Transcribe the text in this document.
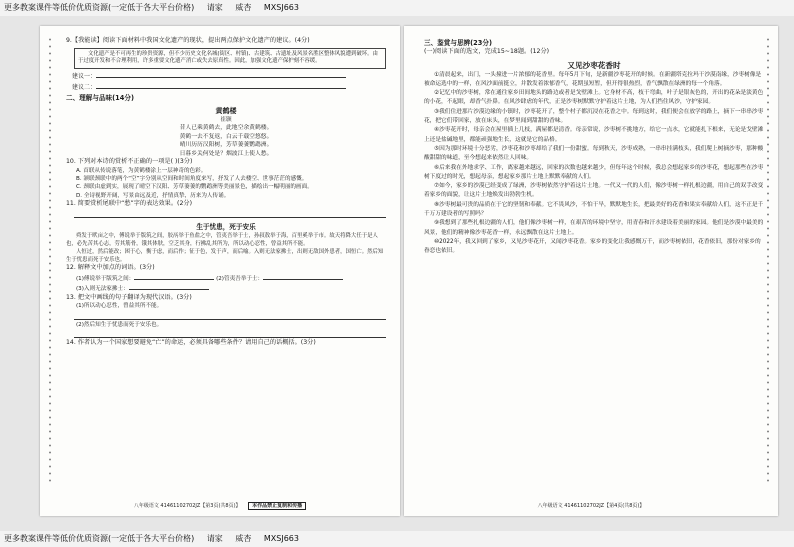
更多教案课件等低价优质资源(一定低于各大平台价格) 请家 威杏 MXSJ663

9.【我能读】阅读下面材料中我国文化遗产的现状，提出两点保护文化遗产的建议。(4分)

文化遗产是不可再生的珍贵资源，但不少历史文化名城(街区、村镇)、古建筑、古遗址及风景名胜区整体风貌遭到破坏。由于过度开发和不合理利用，许多重要文化遗产消亡或失去原真性。因此，加强文化遗产保护刻不容缓。

建议一：
建议二：

二、理解与品味(14分)

黄鹤楼

崔颢

昔人已乘黄鹤去，此地空余黄鹤楼。

黄鹤一去不复返，白云千载空悠悠。

晴川历历汉阳树，芳草萋萋鹦鹉洲。

日暮乡关何处是？烟波江上使人愁。

10. 下列对本诗的赏析不正确的一项是( )(3分)

A. 首联从传说落笔，为黄鹤楼涂上一层神奇的色彩。

B. 颔联颈联中的两个“空”字分别从空间和时间角度来写，抒发了人去楼空、世事茫茫的感慨。

C. 颈联由虚到实，展现了晴空下汉阳、芳草萋萋的鹦鹉洲等美丽景色，描绘出一幅明丽的画面。

D. 全诗视野开阔，写景由远及近，抒情真挚，历来为人传诵。

11. 简要赏析尾联中“愁”字的表达效果。(2分)

生于忧患，死于安乐

舜发于畎亩之中，傅说举于版筑之间，胶鬲举于鱼盐之中，管夷吾举于士，孙叔敖举于海，百里奚举于市。故天将降大任于是人也，必先苦其心志，劳其筋骨，饿其体肤，空乏其身，行拂乱其所为，所以动心忍性，曾益其所不能。

人恒过，然后能改；困于心，衡于虑，而后作；征于色，发于声，而后喻。入则无法家拂士，出则无敌国外患者，国恒亡。然后知生于忧患而死于安乐也。

12. 解释文中加点的词语。(3分)

(1)傅说举于版筑之间：	(2)管夷吾举于士：

(3)入则无法家拂士：

13. 把文中画线的句子翻译为现代汉语。(3分)

(1)所以动心忍性，曾益其所不能。

(2)然后知生于忧患而死于安乐也。

14. 作者认为一个国家想要避免“亡”的命运，必须具备哪些条件？请用自己的话概括。(3分)

八年级语文 41461102702JZ【第3页(共8页)】 本作品禁止复制和传播

三、鉴赏与思辨(23分)

(一)阅读下面的选文，完成15~18题。(12分)

又见沙枣花香时

①清晨起来，出门，一头撞进一片浓郁的花香里。每年5月下旬，是新疆沙枣花开的时候。在新疆塔克拉玛干沙漠南缘，沙枣树像是被命运选中的一样，在风沙面前挺立，并散发着浓郁香气，花期虽短暂，但开得很热烈，香气飘散在绿洲的每一个角落。

②记忆中的沙枣树，常在通往家乡田间地头的路边或者是戈壁滩上。它身材不高，枝干弯曲，叶子是银灰色的，开出的花朵是淡黄色的小花，不起眼，却香气扑鼻。在风沙肆虐的年代，正是沙枣树默默守护着这片土地，为人们挡住风沙，守护家园。

③我们住进那片沙漠边缘的小镇时，沙枣花开了，整个村子都沉浸在花香之中。每到这时，我们便会在放学的路上，摘下一串串沙枣花，把它们带回家，放在床头，在梦里闻到甜甜的香味。

④沙枣花开时，母亲会在屋里插上几枝，满屋都是清香。母亲常说，沙枣树不挑地方，给它一点水，它就能扎下根来，无论是戈壁滩上还是盐碱地里，都能顽强地生长，这就是它的品格。

⑤因为那时环境十分恶劣，沙枣花和沙枣却给了我们一份甜蜜。每到秋天，沙枣成熟，一串串挂满枝头，我们爬上树摘沙枣，那种酸酸甜甜的味道，至今想起来依然让人回味。

⑥后来我在外地求学、工作，离家越来越远，回家的次数也越来越少，但每年这个时候，我总会想起家乡的沙枣花，想起那些在沙枣树下度过的时光，想起母亲，想起家乡那片土地上默默奉献的人们。

⑦如今，家乡的沙漠已经变成了绿洲，沙枣树依然守护着这片土地。一代又一代的人们，像沙枣树一样扎根边疆，用自己的双手改变着家乡的面貌，让这片土地焕发出勃勃生机。

⑧沙枣树最可贵的品质在于它的坚韧和奉献。它不畏风沙，不怕干旱，默默地生长，把最美好的花香和果实奉献给人们，这不正是千千万万建设者的写照吗？

⑨我想到了那些扎根边疆的人们，他们像沙枣树一样，在艰苦的环境中坚守，用青春和汗水建设着美丽的家园。他们是沙漠中最美的风景，他们的精神像沙枣花香一样，永远飘散在这片土地上。

⑩2022年，我又回到了家乡，又见沙枣花开，又闻沙枣花香。家乡的变化让我感慨万千，而沙枣树依旧，花香依旧，那份对家乡的眷恋也依旧。

八年级语文 41461102702JZ【第4页(共8页)】
更多教案课件等低价优质资源(一定低于各大平台价格) 请家 威杏 MXSJ663
